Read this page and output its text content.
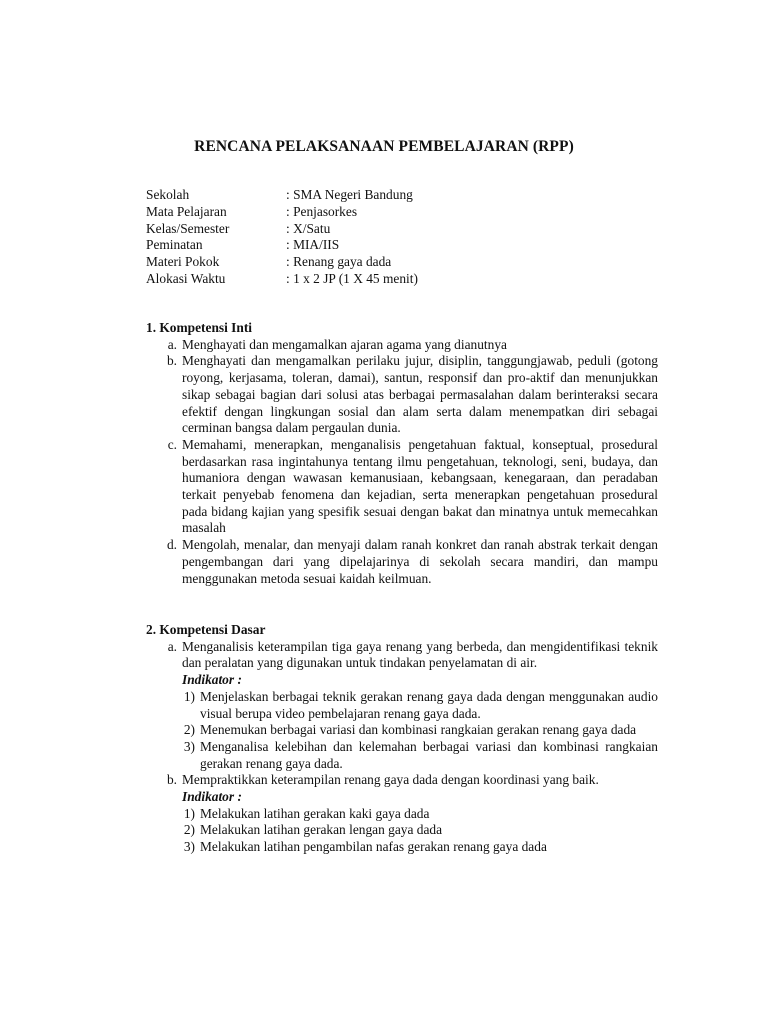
RENCANA PELAKSANAAN PEMBELAJARAN (RPP)
Sekolah	: SMA Negeri Bandung
Mata Pelajaran	: Penjasorkes
Kelas/Semester	: X/Satu
Peminatan	: MIA/IIS
Materi Pokok	: Renang gaya dada
Alokasi Waktu	: 1 x 2 JP (1 X 45 menit)
1. Kompetensi Inti
a. Menghayati dan mengamalkan ajaran agama yang dianutnya
b. Menghayati dan mengamalkan perilaku jujur, disiplin, tanggungjawab, peduli (gotong royong, kerjasama, toleran, damai), santun, responsif dan pro-aktif dan menunjukkan sikap sebagai bagian dari solusi atas berbagai permasalahan dalam berinteraksi secara efektif dengan lingkungan sosial dan alam serta dalam menempatkan diri sebagai cerminan bangsa dalam pergaulan dunia.
c. Memahami, menerapkan, menganalisis pengetahuan faktual, konseptual, prosedural berdasarkan rasa ingintahunya tentang ilmu pengetahuan, teknologi, seni, budaya, dan humaniora dengan wawasan kemanusiaan, kebangsaan, kenegaraan, dan peradaban terkait penyebab fenomena dan kejadian, serta menerapkan pengetahuan prosedural pada bidang kajian yang spesifik sesuai dengan bakat dan minatnya untuk memecahkan masalah
d. Mengolah, menalar, dan menyaji dalam ranah konkret dan ranah abstrak terkait dengan pengembangan dari yang dipelajarinya di sekolah secara mandiri, dan mampu menggunakan metoda sesuai kaidah keilmuan.
2. Kompetensi Dasar
a. Menganalisis keterampilan tiga gaya renang yang berbeda, dan mengidentifikasi teknik dan peralatan yang digunakan untuk tindakan penyelamatan di air.
Indikator :
1) Menjelaskan berbagai teknik gerakan renang gaya dada dengan menggunakan audio visual berupa video pembelajaran renang gaya dada.
2) Menemukan berbagai variasi dan kombinasi rangkaian gerakan renang gaya dada
3) Menganalisa kelebihan dan kelemahan berbagai variasi dan kombinasi rangkaian gerakan renang gaya dada.
b. Mempraktikkan keterampilan renang gaya dada dengan koordinasi yang baik.
Indikator :
1) Melakukan latihan gerakan kaki gaya dada
2) Melakukan latihan gerakan lengan gaya dada
3) Melakukan latihan pengambilan nafas gerakan renang gaya dada
